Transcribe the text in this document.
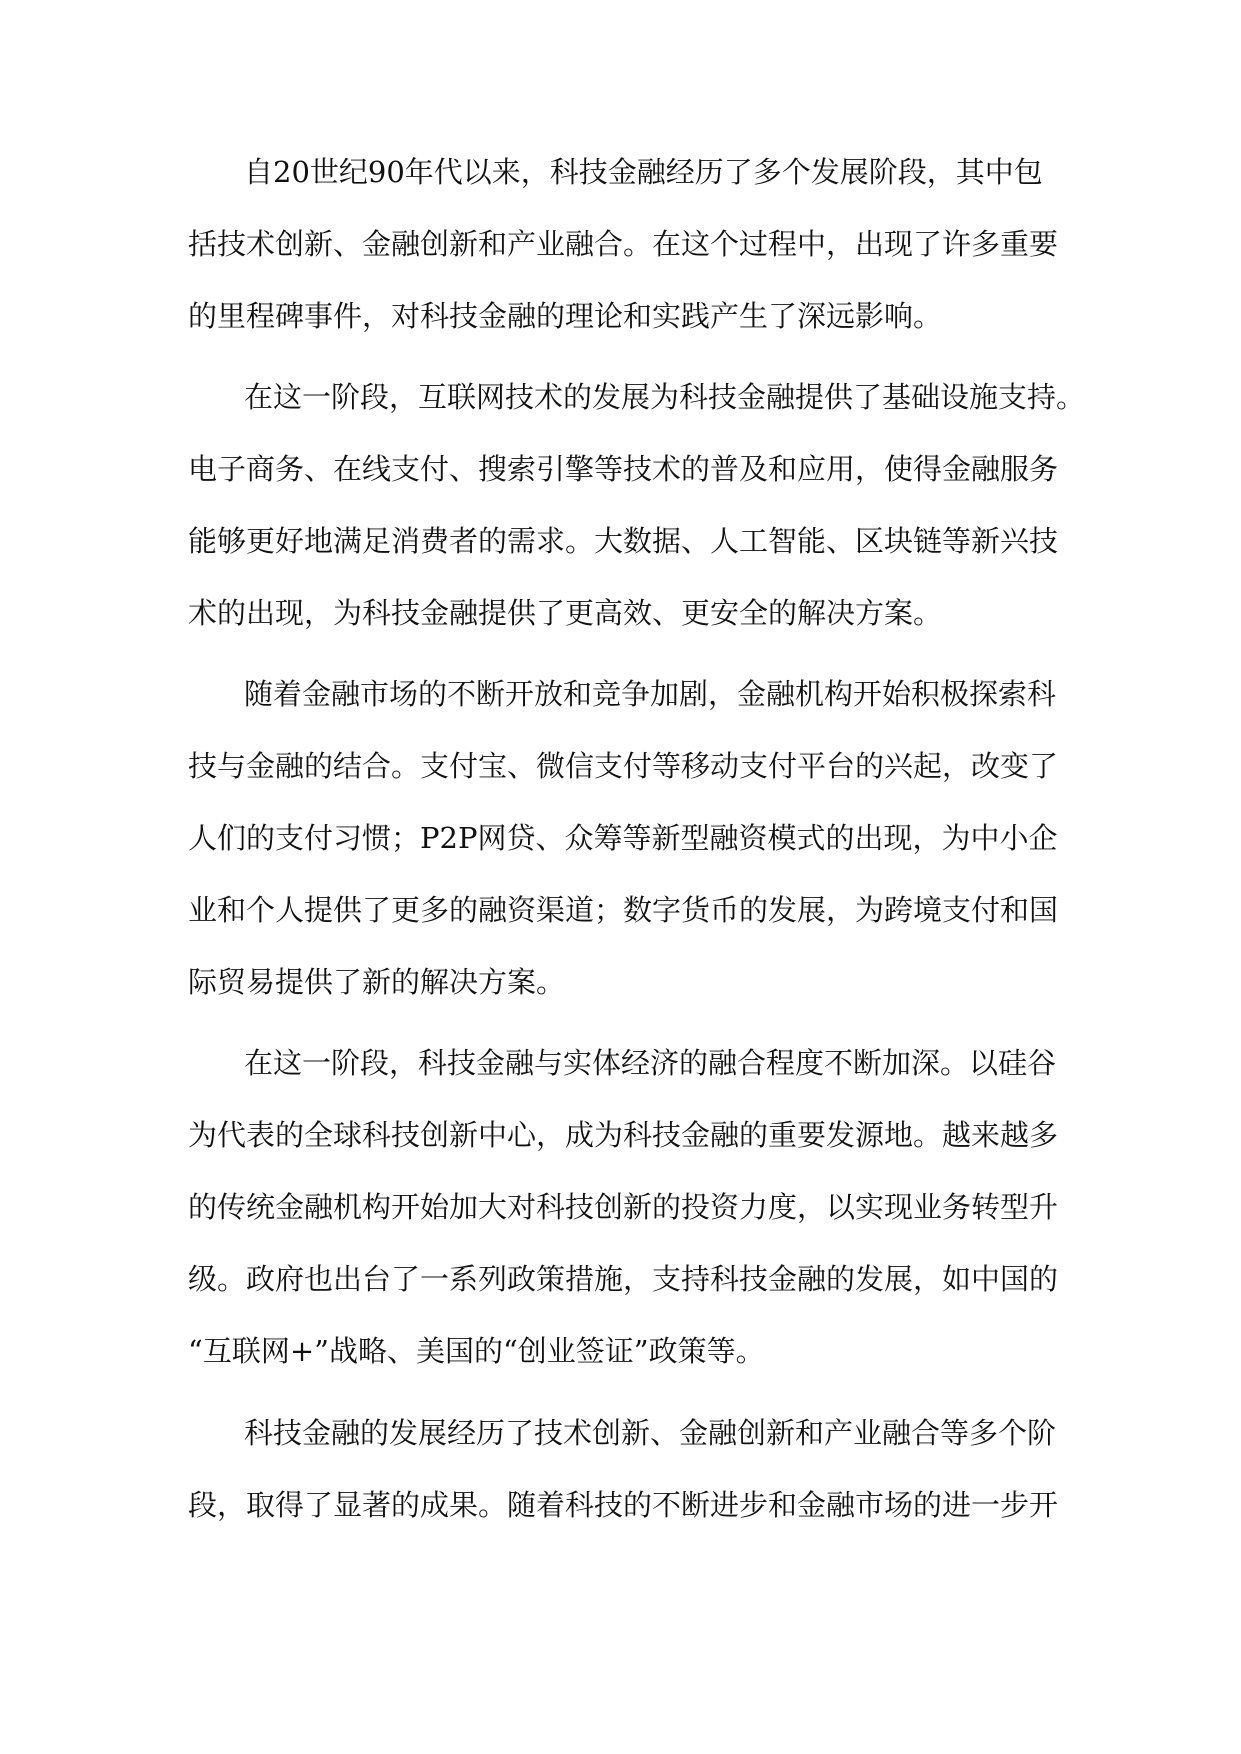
自20世纪90年代以来，科技金融经历了多个发展阶段，其中包

括技术创新、金融创新和产业融合。在这个过程中，出现了许多重要

的里程碑事件，对科技金融的理论和实践产生了深远影响。

在这一阶段，互联网技术的发展为科技金融提供了基础设施支持。

电子商务、在线支付、搜索引擎等技术的普及和应用，使得金融服务

能够更好地满足消费者的需求。大数据、人工智能、区块链等新兴技

术的出现，为科技金融提供了更高效、更安全的解决方案。

随着金融市场的不断开放和竞争加剧，金融机构开始积极探索科

技与金融的结合。支付宝、微信支付等移动支付平台的兴起，改变了

人们的支付习惯；P2P网贷、众筹等新型融资模式的出现，为中小企

业和个人提供了更多的融资渠道；数字货币的发展，为跨境支付和国

际贸易提供了新的解决方案。

在这一阶段，科技金融与实体经济的融合程度不断加深。以硅谷

为代表的全球科技创新中心，成为科技金融的重要发源地。越来越多

的传统金融机构开始加大对科技创新的投资力度，以实现业务转型升

级。政府也出台了一系列政策措施，支持科技金融的发展，如中国的

“互联网+”战略、美国的“创业签证”政策等。

科技金融的发展经历了技术创新、金融创新和产业融合等多个阶

段，取得了显著的成果。随着科技的不断进步和金融市场的进一步开
